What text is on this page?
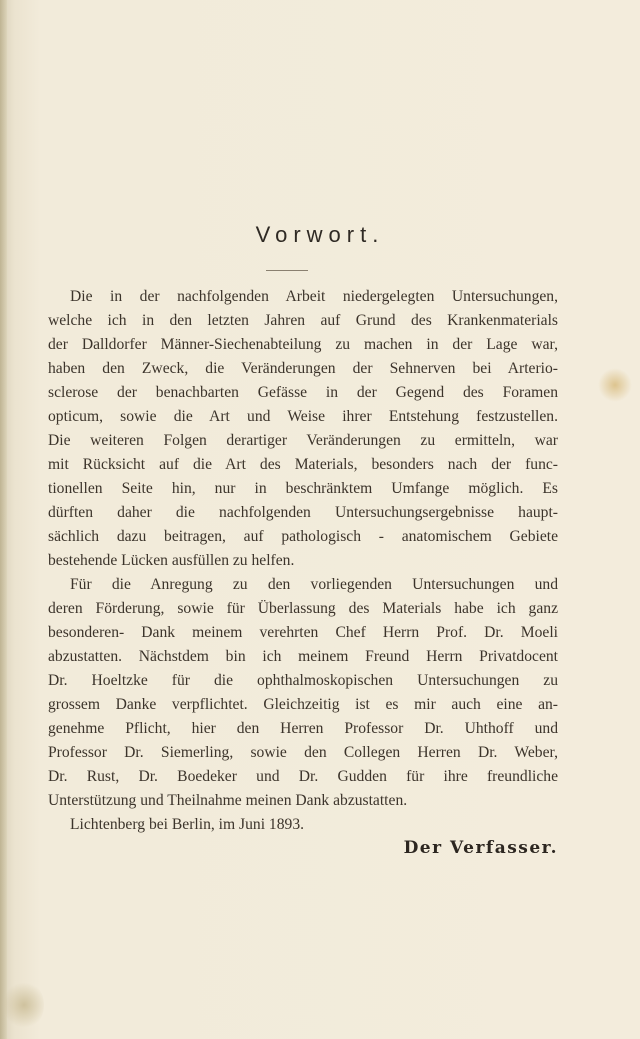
Vorwort.
Die in der nachfolgenden Arbeit niedergelegten Untersuchungen,
welche ich in den letzten Jahren auf Grund des Krankenmaterials
der Dalldorfer Männer-Siechenabteilung zu machen in der Lage war,
haben den Zweck, die Veränderungen der Sehnerven bei Arterio-
sclerose der benachbarten Gefässe in der Gegend des Foramen
opticum, sowie die Art und Weise ihrer Entstehung festzustellen.
Die weiteren Folgen derartiger Veränderungen zu ermitteln, war
mit Rücksicht auf die Art des Materials, besonders nach der func-
tionellen Seite hin, nur in beschränktem Umfange möglich. Es
dürften daher die nachfolgenden Untersuchungsergebnisse haupt-
sächlich dazu beitragen, auf pathologisch - anatomischem Gebiete
bestehende Lücken ausfüllen zu helfen.
Für die Anregung zu den vorliegenden Untersuchungen und
deren Förderung, sowie für Überlassung des Materials habe ich ganz
besonderen- Dank meinem verehrten Chef Herrn Prof. Dr. Moeli
abzustatten. Nächstdem bin ich meinem Freund Herrn Privatdocent
Dr. Hoeltzke für die ophthalmoskopischen Untersuchungen zu
grossem Danke verpflichtet. Gleichzeitig ist es mir auch eine an-
genehme Pflicht, hier den Herren Professor Dr. Uhthoff und
Professor Dr. Siemerling, sowie den Collegen Herren Dr. Weber,
Dr. Rust, Dr. Boedeker und Dr. Gudden für ihre freundliche
Unterstützung und Theilnahme meinen Dank abzustatten.
Lichtenberg bei Berlin, im Juni 1893.
Der Verfasser.
